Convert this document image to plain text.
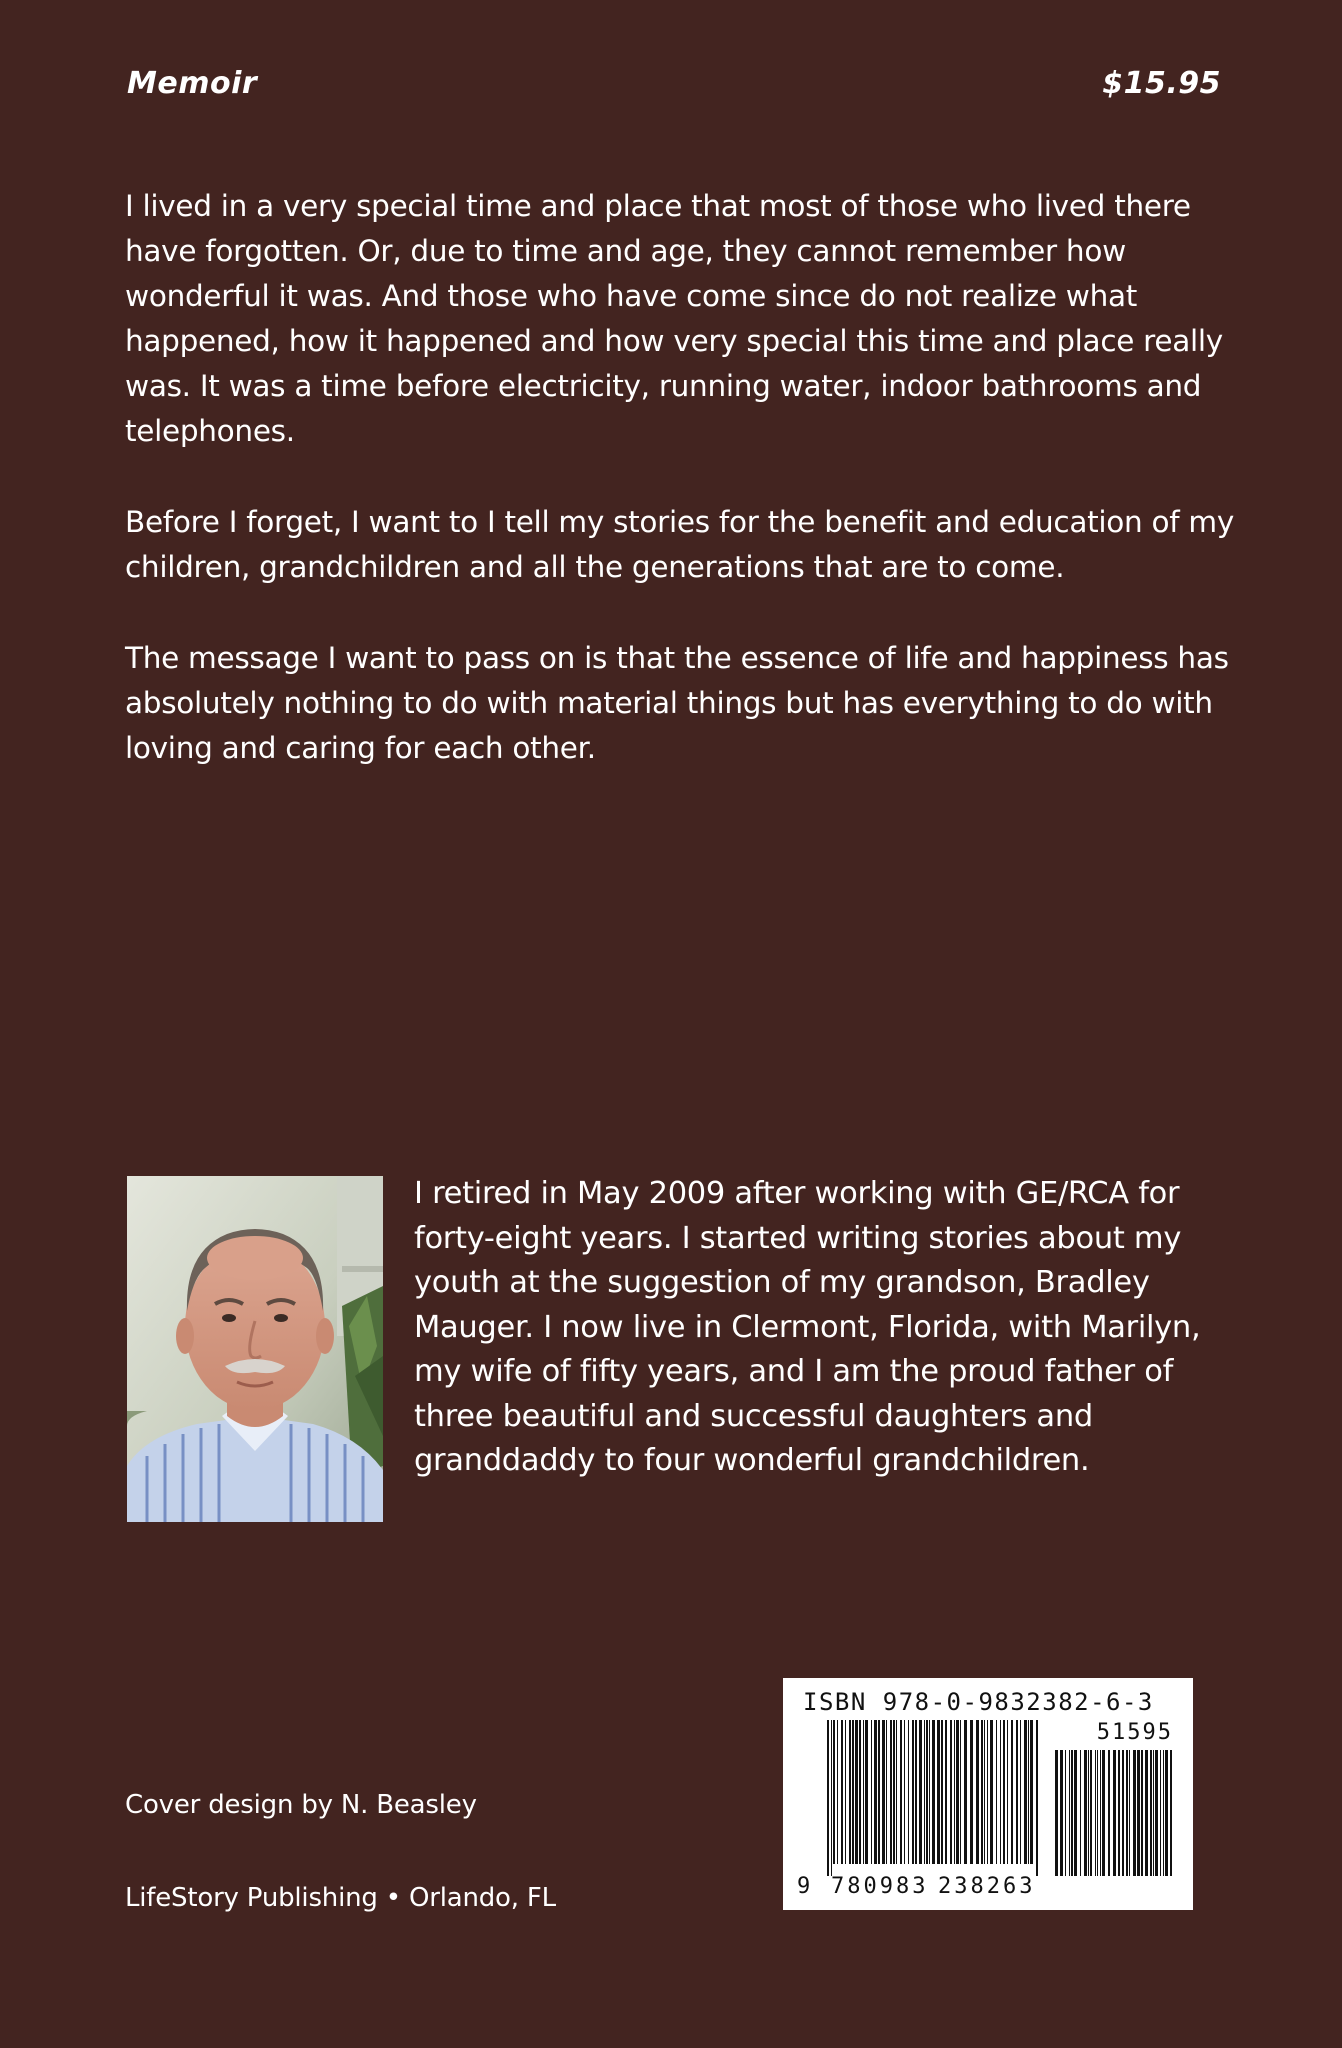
Memoir	$15.95

I lived in a very special time and place that most of those who lived there have forgotten. Or, due to time and age, they cannot remember how wonderful it was. And those who have come since do not realize what happened, how it happened and how very special this time and place really was. It was a time before electricity, running water, indoor bathrooms and telephones.

Before I forget, I want to I tell my stories for the benefit and education of my children, grandchildren and all the generations that are to come.

The message I want to pass on is that the essence of life and happiness has absolutely nothing to do with material things but has everything to do with loving and caring for each other.

I retired in May 2009 after working with GE/RCA for forty-eight years. I started writing stories about my youth at the suggestion of my grandson, Bradley Mauger. I now live in Clermont, Florida, with Marilyn, my wife of fifty years, and I am the proud father of three beautiful and successful daughters and granddaddy to four wonderful grandchildren.

Cover design by N. Beasley
LifeStory Publishing • Orlando, FL
ISBN 978-0-9832382-6-3
51595
9 780983 238263
